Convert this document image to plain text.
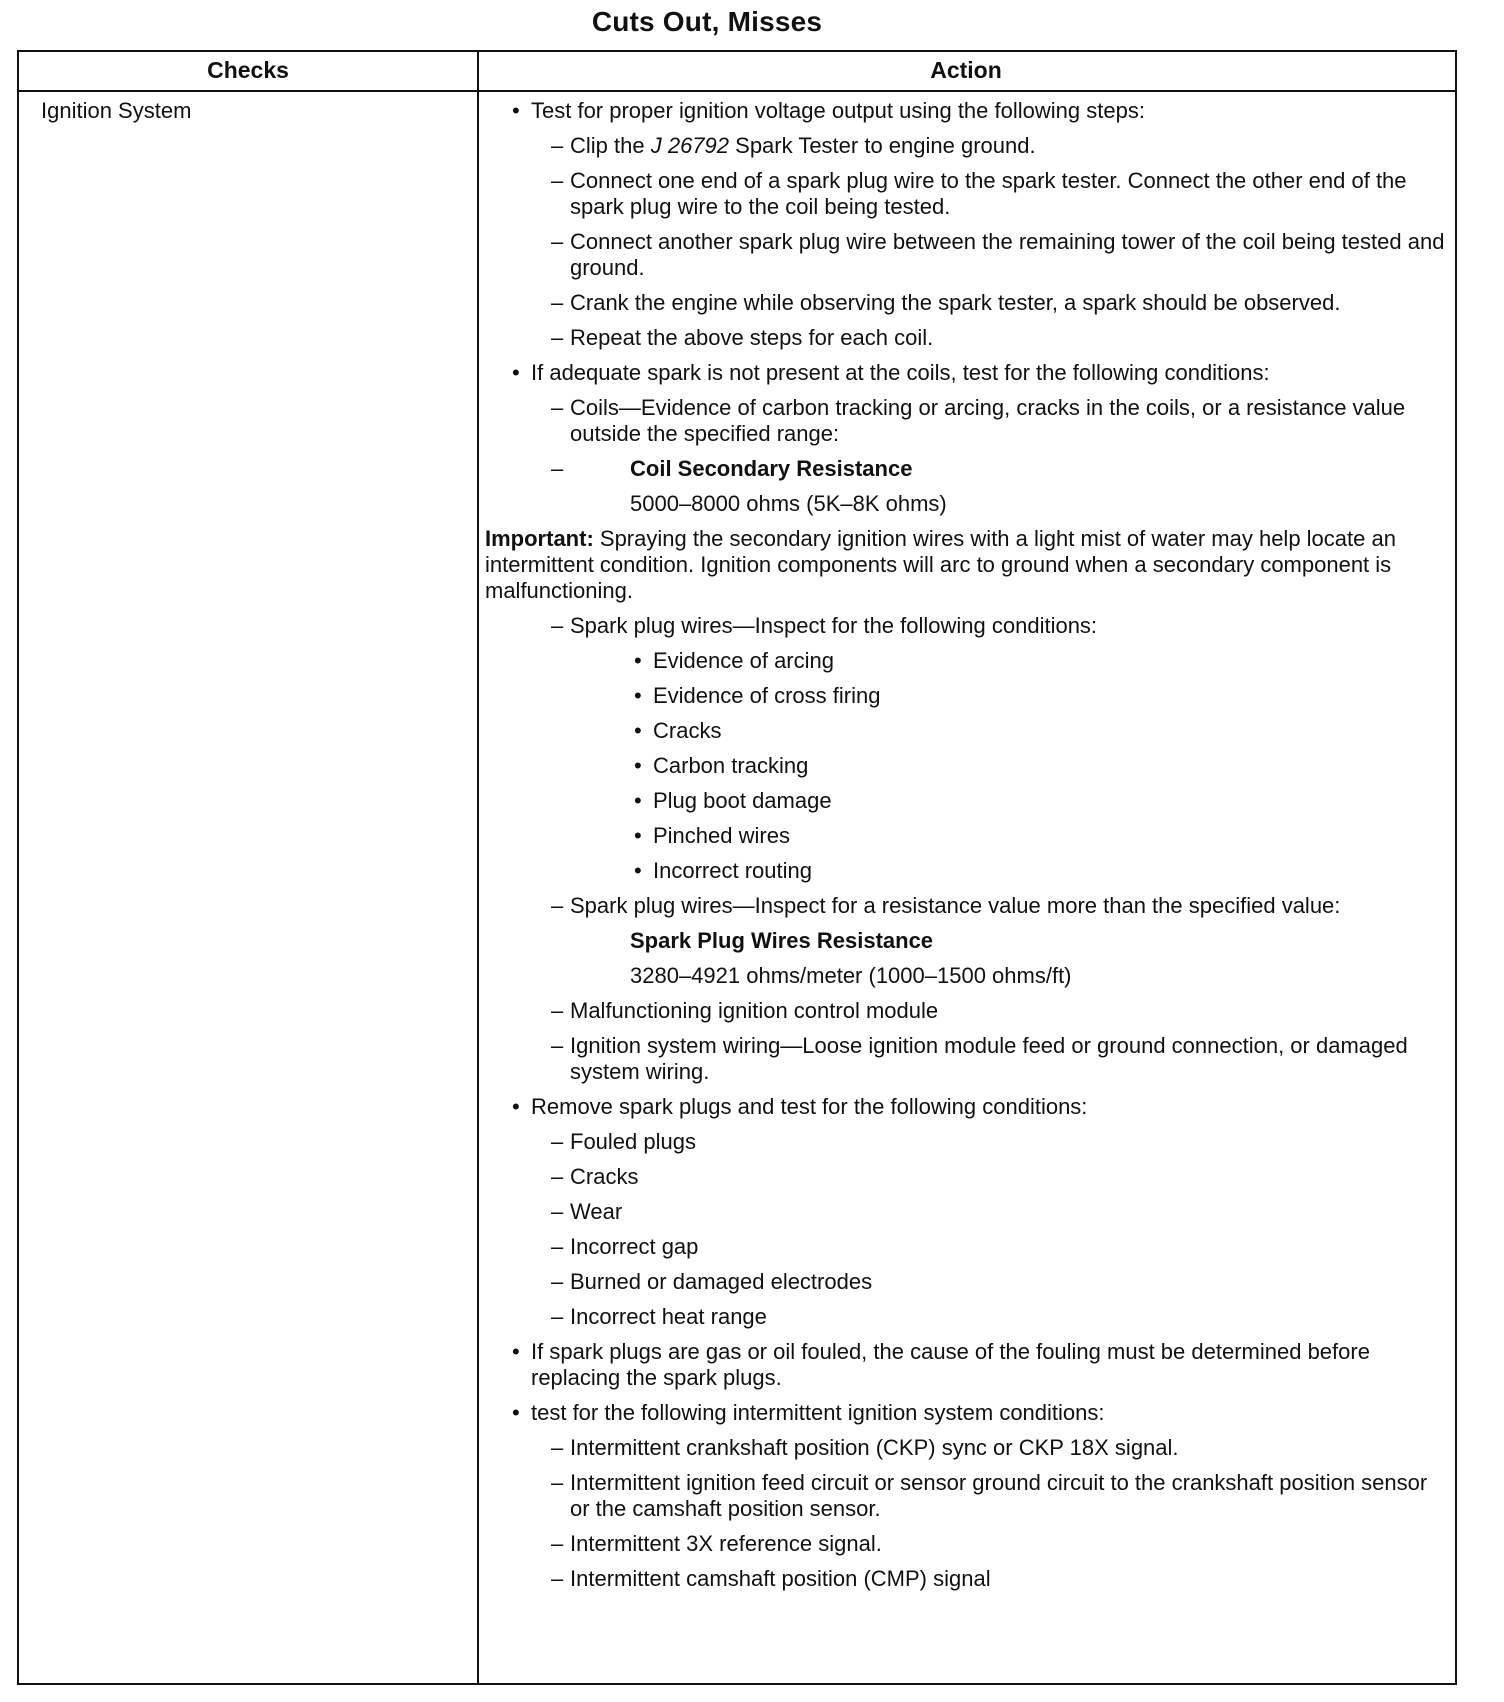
Cuts Out, Misses
Checks	Action
Ignition System
•	Test for proper ignition voltage output using the following steps:
– Clip the J 26792 Spark Tester to engine ground.
– Connect one end of a spark plug wire to the spark tester. Connect the other end of the spark plug wire to the coil being tested.
– Connect another spark plug wire between the remaining tower of the coil being tested and ground.
– Crank the engine while observing the spark tester, a spark should be observed.
– Repeat the above steps for each coil.
• If adequate spark is not present at the coils, test for the following conditions:
– Coils—Evidence of carbon tracking or arcing, cracks in the coils, or a resistance value outside the specified range:
– Coil Secondary Resistance
5000–8000 ohms (5K–8K ohms)
Important: Spraying the secondary ignition wires with a light mist of water may help locate an intermittent condition. Ignition components will arc to ground when a secondary component is malfunctioning.
– Spark plug wires—Inspect for the following conditions:
• Evidence of arcing
• Evidence of cross firing
• Cracks
• Carbon tracking
• Plug boot damage
• Pinched wires
• Incorrect routing
– Spark plug wires—Inspect for a resistance value more than the specified value:
Spark Plug Wires Resistance
3280–4921 ohms/meter (1000–1500 ohms/ft)
– Malfunctioning ignition control module
– Ignition system wiring—Loose ignition module feed or ground connection, or damaged system wiring.
• Remove spark plugs and test for the following conditions:
– Fouled plugs
– Cracks
– Wear
– Incorrect gap
– Burned or damaged electrodes
– Incorrect heat range
• If spark plugs are gas or oil fouled, the cause of the fouling must be determined before replacing the spark plugs.
• test for the following intermittent ignition system conditions:
– Intermittent crankshaft position (CKP) sync or CKP 18X signal.
– Intermittent ignition feed circuit or sensor ground circuit to the crankshaft position sensor or the camshaft position sensor.
– Intermittent 3X reference signal.
– Intermittent camshaft position (CMP) signal
